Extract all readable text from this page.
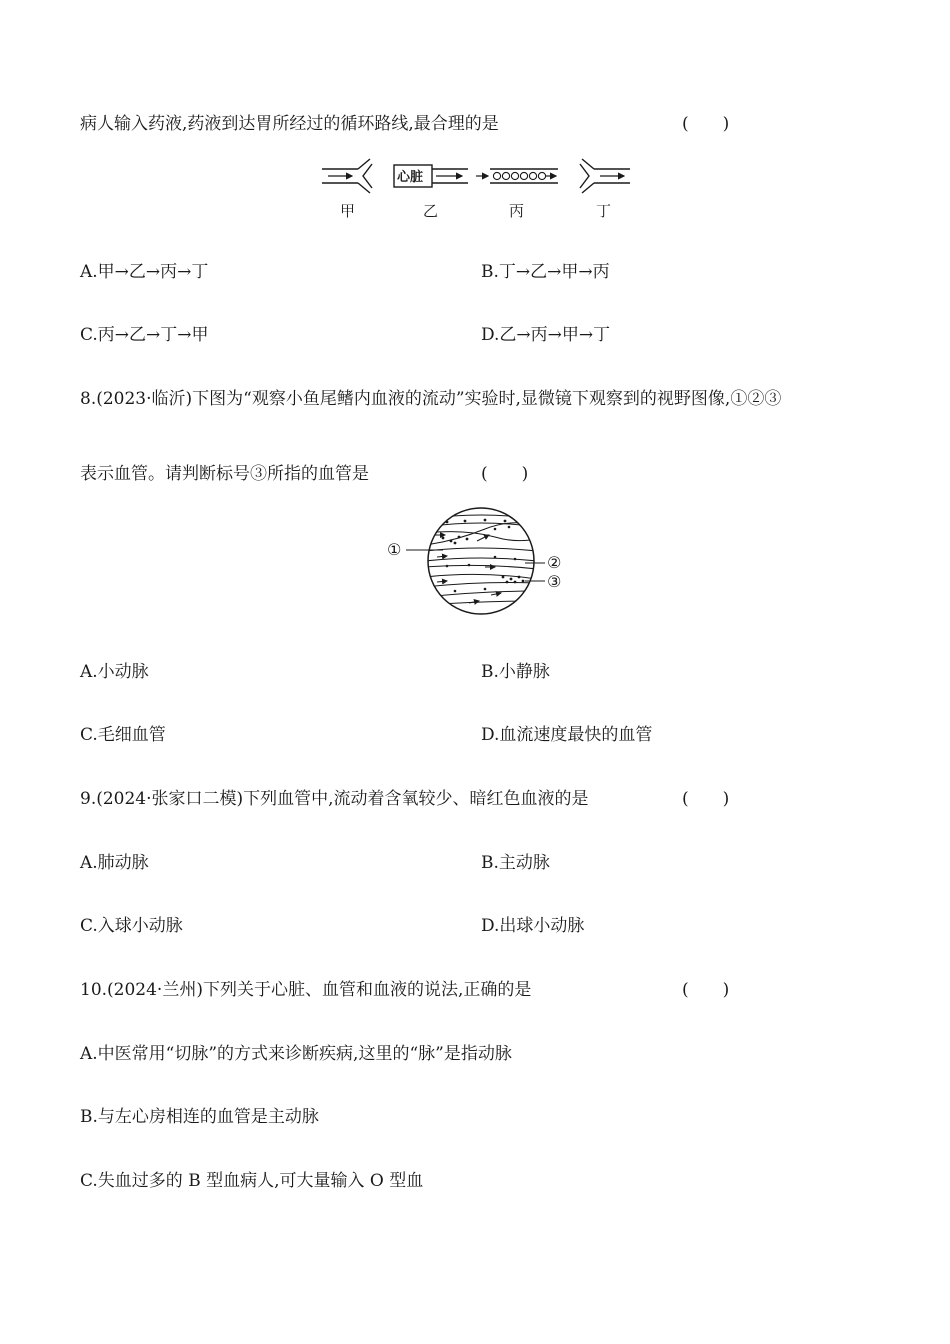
病人输入药液,药液到达胃所经过的循环路线,最合理的是	(　　)
心脏
甲	乙	丙	丁
A.甲→乙→丙→丁	B.丁→乙→甲→丙
C.丙→乙→丁→甲	D.乙→丙→甲→丁
8.(2023·临沂)下图为“观察小鱼尾鳍内血液的流动”实验时,显微镜下观察到的视野图像,①②③
表示血管。请判断标号③所指的血管是	(　　)
①
②
③
A.小动脉	B.小静脉
C.毛细血管	D.血流速度最快的血管
9.(2024·张家口二模)下列血管中,流动着含氧较少、暗红色血液的是	(　　)
A.肺动脉	B.主动脉
C.入球小动脉	D.出球小动脉
10.(2024·兰州)下列关于心脏、血管和血液的说法,正确的是	(　　)
A.中医常用“切脉”的方式来诊断疾病,这里的“脉”是指动脉
B.与左心房相连的血管是主动脉
C.失血过多的 B 型血病人,可大量输入 O 型血
